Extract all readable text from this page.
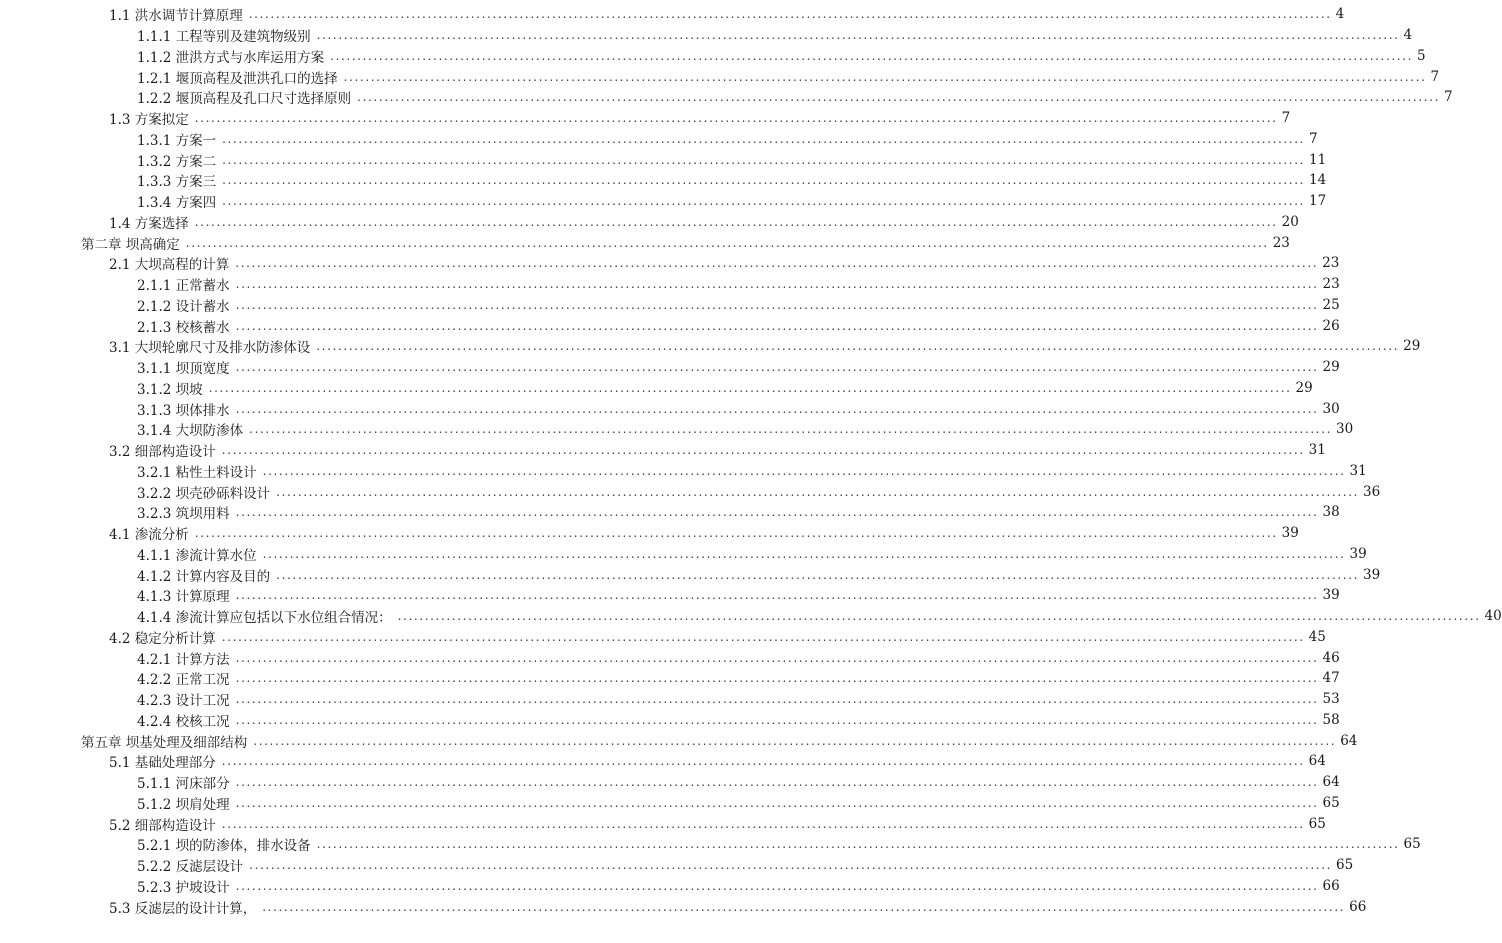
1.1 洪水调节计算原理 ........................................................................................................................................................................................................ 4
1.1.1 工程等别及建筑物级别 ........................................................................................................................................................................................................ 4
1.1.2 泄洪方式与水库运用方案 ........................................................................................................................................................................................................ 5
1.2.1 堰顶高程及泄洪孔口的选择 ........................................................................................................................................................................................................ 7
1.2.2 堰顶高程及孔口尺寸选择原则 ........................................................................................................................................................................................................ 7
1.3 方案拟定 ........................................................................................................................................................................................................ 7
1.3.1 方案一 ........................................................................................................................................................................................................ 7
1.3.2 方案二 ........................................................................................................................................................................................................ 11
1.3.3 方案三 ........................................................................................................................................................................................................ 14
1.3.4 方案四 ........................................................................................................................................................................................................ 17
1.4 方案选择 ........................................................................................................................................................................................................ 20
第二章 坝高确定 ........................................................................................................................................................................................................ 23
2.1 大坝高程的计算 ........................................................................................................................................................................................................ 23
2.1.1 正常蓄水 ........................................................................................................................................................................................................ 23
2.1.2 设计蓄水 ........................................................................................................................................................................................................ 25
2.1.3 校核蓄水 ........................................................................................................................................................................................................ 26
3.1 大坝轮廓尺寸及排水防渗体设 ........................................................................................................................................................................................................ 29
3.1.1 坝顶宽度 ........................................................................................................................................................................................................ 29
3.1.2 坝坡 ........................................................................................................................................................................................................ 29
3.1.3 坝体排水 ........................................................................................................................................................................................................ 30
3.1.4 大坝防渗体 ........................................................................................................................................................................................................ 30
3.2 细部构造设计 ........................................................................................................................................................................................................ 31
3.2.1 粘性土料设计 ........................................................................................................................................................................................................ 31
3.2.2 坝壳砂砾料设计 ........................................................................................................................................................................................................ 36
3.2.3 筑坝用料 ........................................................................................................................................................................................................ 38
4.1 渗流分析 ........................................................................................................................................................................................................ 39
4.1.1 渗流计算水位 ........................................................................................................................................................................................................ 39
4.1.2 计算内容及目的 ........................................................................................................................................................................................................ 39
4.1.3 计算原理 ........................................................................................................................................................................................................ 39
4.1.4 渗流计算应包括以下水位组合情况： ........................................................................................................................................................................................................ 40
4.2 稳定分析计算 ........................................................................................................................................................................................................ 45
4.2.1 计算方法 ........................................................................................................................................................................................................ 46
4.2.2 正常工况 ........................................................................................................................................................................................................ 47
4.2.3 设计工况 ........................................................................................................................................................................................................ 53
4.2.4 校核工况 ........................................................................................................................................................................................................ 58
第五章 坝基处理及细部结构 ........................................................................................................................................................................................................ 64
5.1 基础处理部分 ........................................................................................................................................................................................................ 64
5.1.1 河床部分 ........................................................................................................................................................................................................ 64
5.1.2 坝肩处理 ........................................................................................................................................................................................................ 65
5.2 细部构造设计 ........................................................................................................................................................................................................ 65
5.2.1 坝的防渗体，排水设备 ........................................................................................................................................................................................................ 65
5.2.2 反滤层设计 ........................................................................................................................................................................................................ 65
5.2.3 护坡设计 ........................................................................................................................................................................................................ 66
5.3 反滤层的设计计算， ........................................................................................................................................................................................................ 66
